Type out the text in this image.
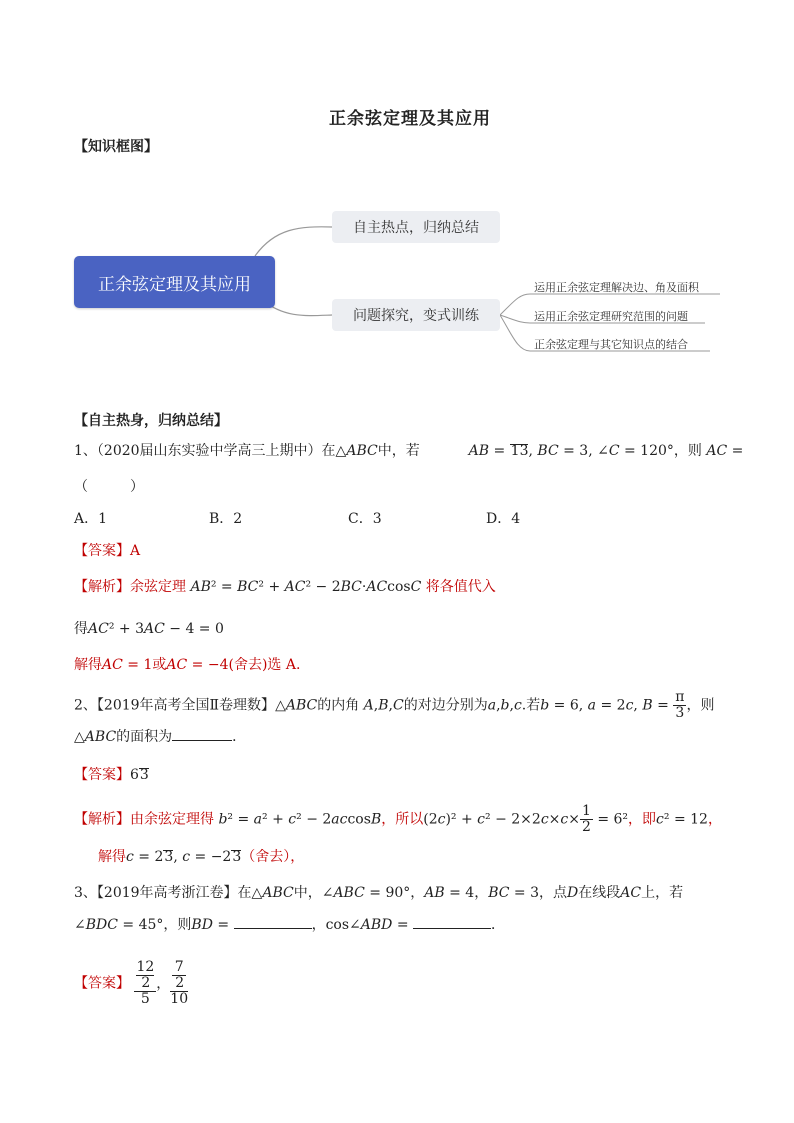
正余弦定理及其应用
【知识框图】
正余弦定理及其应用
自主热点，归纳总结
问题探究，变式训练
运用正余弦定理解决边、角及面积
运用正余弦定理研究范围的问题
正余弦定理与其它知识点的结合
【自主热身，归纳总结】
1、（2020届山东实验中学高三上期中）在△ABC中，若	AB = 13, BC = 3, ∠C = 120°，则 AC =
（　　　）
A．1	B．2	C．3	D．4
【答案】A
【解析】余弦定理 AB² = BC² + AC² − 2BC·ACcosC 将各值代入
得AC² + 3AC − 4 = 0
解得AC = 1或AC = −4(舍去)选 A.
2、【2019年高考全国Ⅱ卷理数】△ABC的内角 A,B,C的对边分别为a,b,c.若b = 6, a = 2c, $B = \frac{\pi}{3}$ ，则
△ABC的面积为	．
【答案】63
【解析】由余弦定理得 b² = a² + c² − 2accosB，所以$(2c)^2 + c^2 - 2\times 2c\times c\times \frac{1}{2} = 6^2$，即c² = 12，
解得c = 23, c = −23（舍去），
3、【2019年高考浙江卷】在△ABC中，∠ABC = 90°，AB = 4，BC = 3，点D在线段AC上，若
∠BDC = 45°，则BD =	，cos∠ABD =	．
【答案】 12
2
5 ， 7
2
10
